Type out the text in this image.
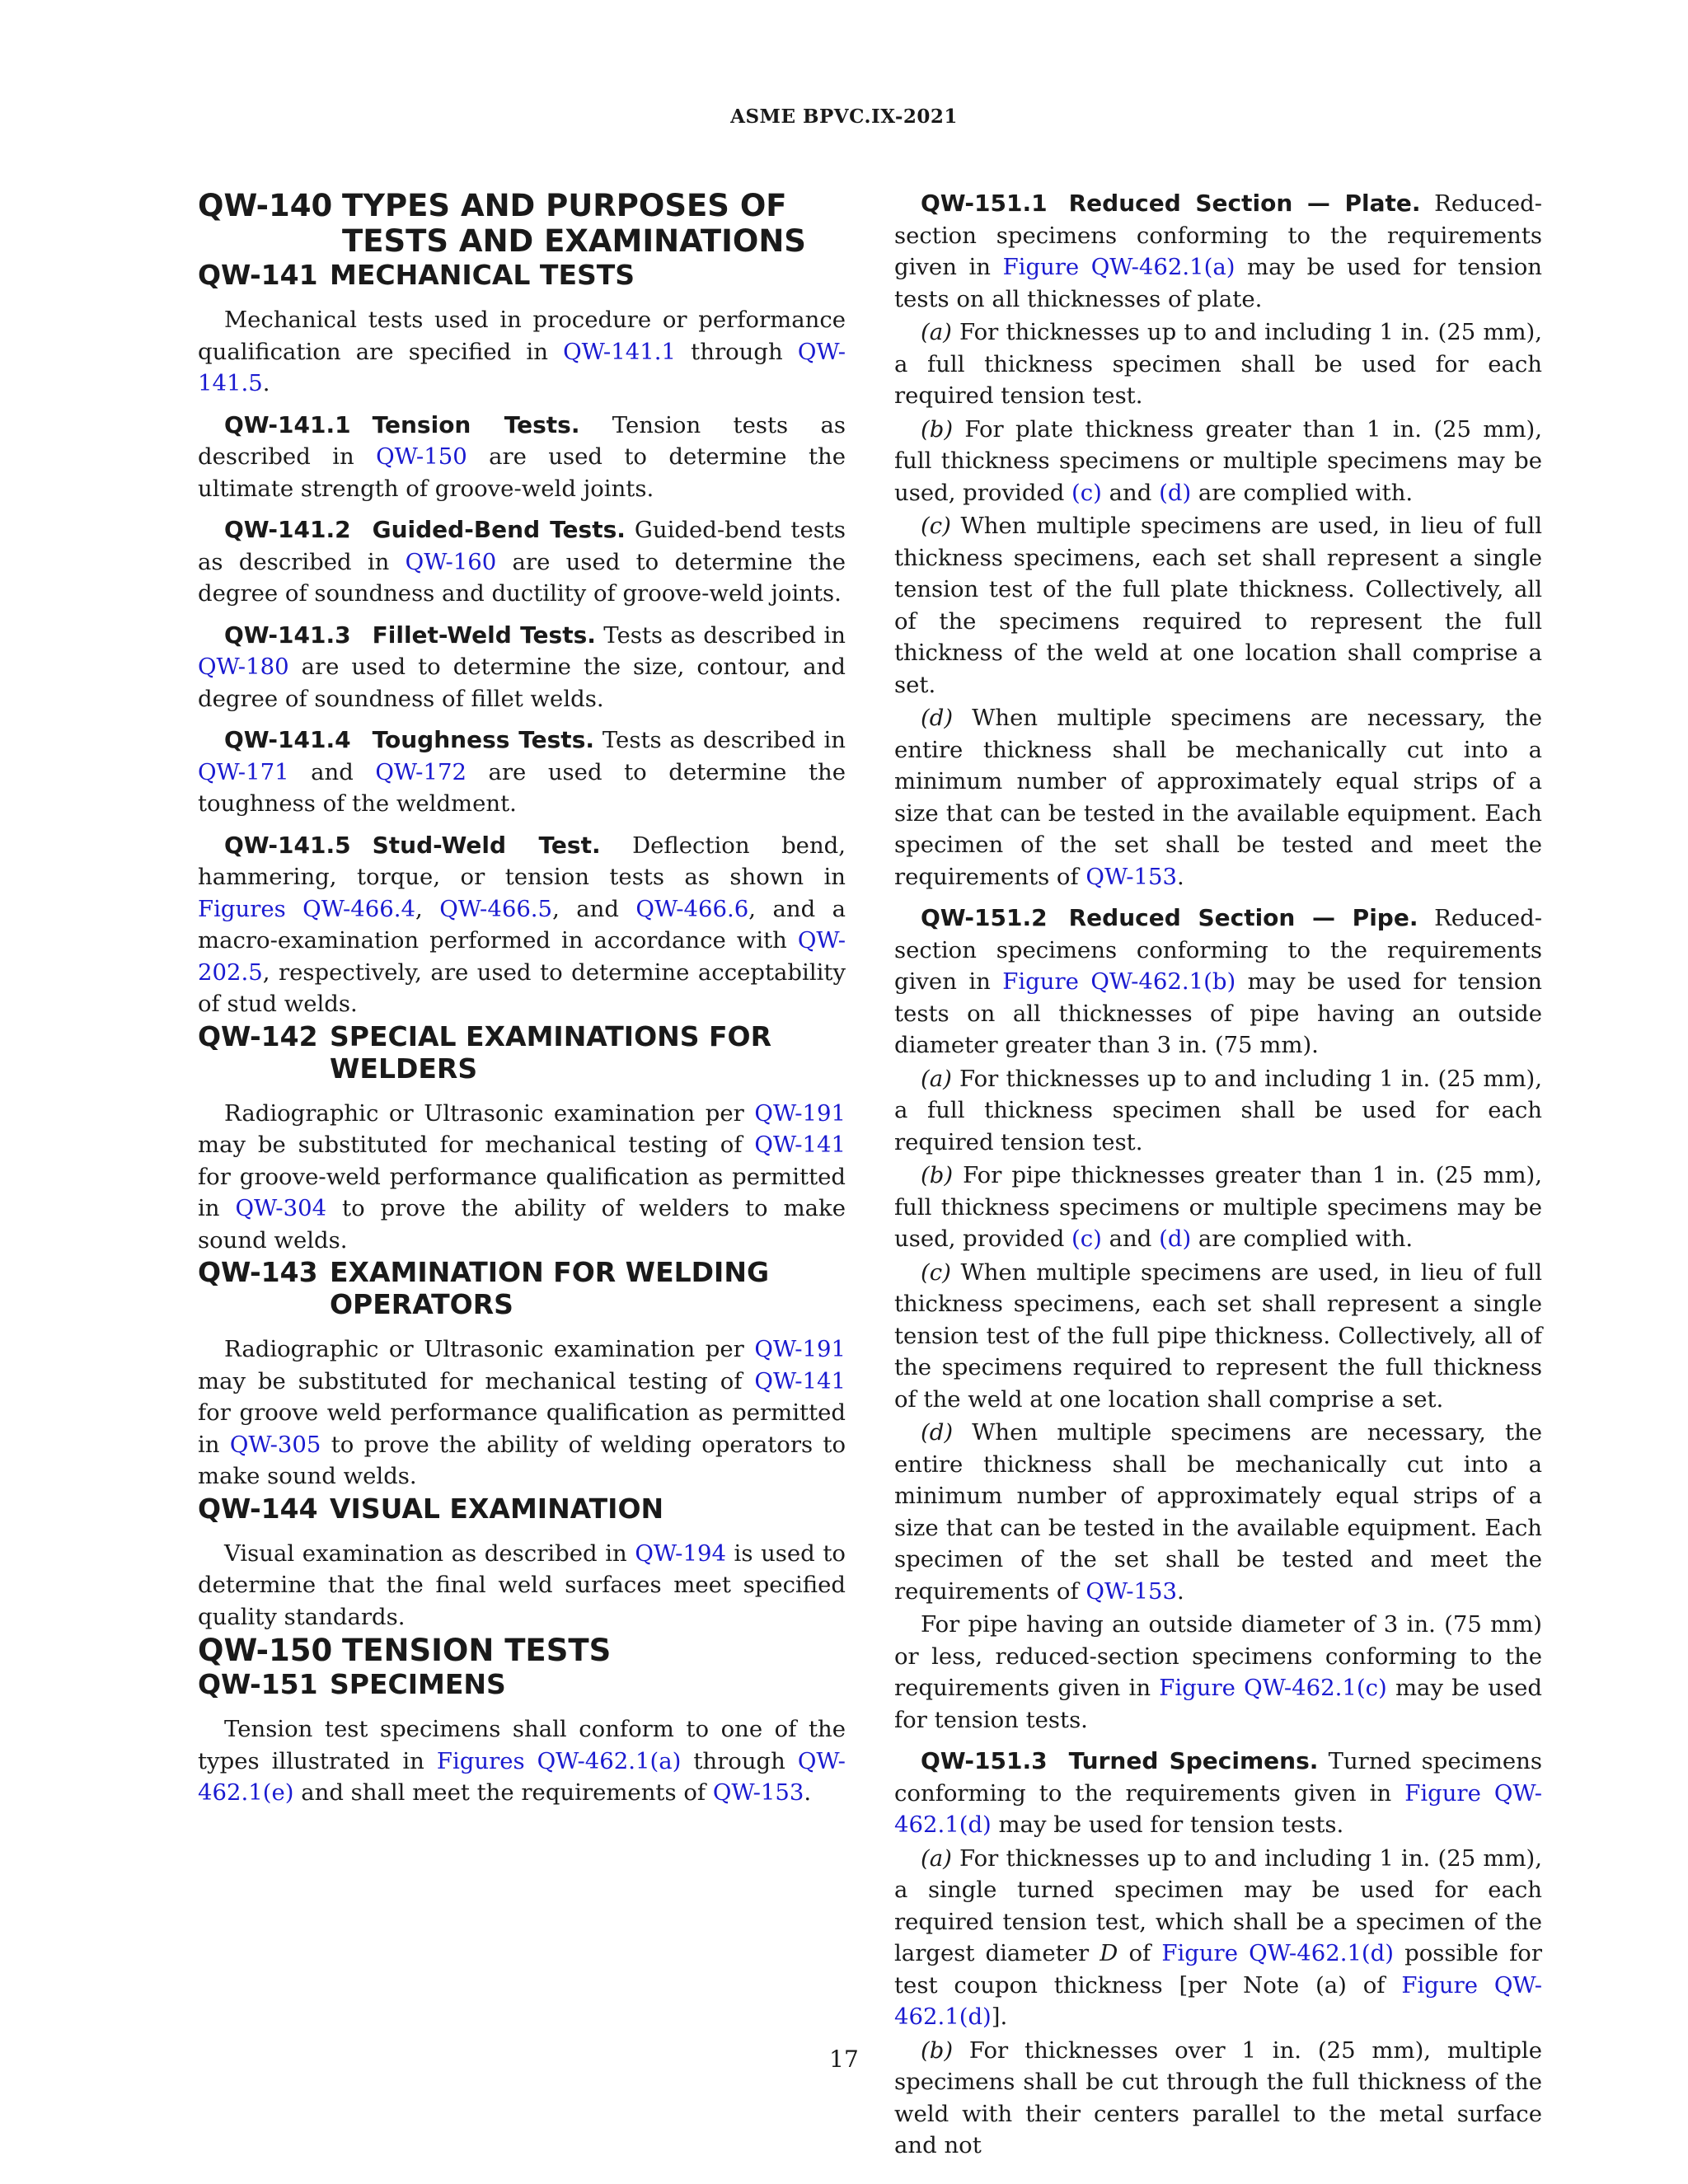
ASME BPVC.IX-2021
QW-140 TYPES AND PURPOSES OF TESTS AND EXAMINATIONS
QW-141 MECHANICAL TESTS

Mechanical tests used in procedure or performance qualification are specified in QW-141.1 through QW-141.5.

QW-141.1 Tension Tests. Tension tests as described in QW-150 are used to determine the ultimate strength of groove-weld joints.

QW-141.2 Guided-Bend Tests. Guided-bend tests as described in QW-160 are used to determine the degree of soundness and ductility of groove-weld joints.

QW-141.3 Fillet-Weld Tests. Tests as described in QW-180 are used to determine the size, contour, and degree of soundness of fillet welds.

QW-141.4 Toughness Tests. Tests as described in QW-171 and QW-172 are used to determine the toughness of the weldment.

QW-141.5 Stud-Weld Test. Deflection bend, hammering, torque, or tension tests as shown in Figures QW-466.4, QW-466.5, and QW-466.6, and a macro-examination performed in accordance with QW-202.5, respectively, are used to determine acceptability of stud welds.

QW-142 SPECIAL EXAMINATIONS FOR WELDERS

Radiographic or Ultrasonic examination per QW-191 may be substituted for mechanical testing of QW-141 for groove-weld performance qualification as permitted in QW-304 to prove the ability of welders to make sound welds.

QW-143 EXAMINATION FOR WELDING OPERATORS

Radiographic or Ultrasonic examination per QW-191 may be substituted for mechanical testing of QW-141 for groove weld performance qualification as permitted in QW-305 to prove the ability of welding operators to make sound welds.

QW-144 VISUAL EXAMINATION

Visual examination as described in QW-194 is used to determine that the final weld surfaces meet specified quality standards.

QW-150 TENSION TESTS
QW-151 SPECIMENS

Tension test specimens shall conform to one of the types illustrated in Figures QW-462.1(a) through QW-462.1(e) and shall meet the requirements of QW-153.

QW-151.1 Reduced Section — Plate. Reduced-section specimens conforming to the requirements given in Figure QW-462.1(a) may be used for tension tests on all thicknesses of plate.

(a) For thicknesses up to and including 1 in. (25 mm), a full thickness specimen shall be used for each required tension test.

(b) For plate thickness greater than 1 in. (25 mm), full thickness specimens or multiple specimens may be used, provided (c) and (d) are complied with.

(c) When multiple specimens are used, in lieu of full thickness specimens, each set shall represent a single tension test of the full plate thickness. Collectively, all of the specimens required to represent the full thickness of the weld at one location shall comprise a set.

(d) When multiple specimens are necessary, the entire thickness shall be mechanically cut into a minimum number of approximately equal strips of a size that can be tested in the available equipment. Each specimen of the set shall be tested and meet the requirements of QW-153.

QW-151.2 Reduced Section — Pipe. Reduced-section specimens conforming to the requirements given in Figure QW-462.1(b) may be used for tension tests on all thicknesses of pipe having an outside diameter greater than 3 in. (75 mm).

(a) For thicknesses up to and including 1 in. (25 mm), a full thickness specimen shall be used for each required tension test.

(b) For pipe thicknesses greater than 1 in. (25 mm), full thickness specimens or multiple specimens may be used, provided (c) and (d) are complied with.

(c) When multiple specimens are used, in lieu of full thickness specimens, each set shall represent a single tension test of the full pipe thickness. Collectively, all of the specimens required to represent the full thickness of the weld at one location shall comprise a set.

(d) When multiple specimens are necessary, the entire thickness shall be mechanically cut into a minimum number of approximately equal strips of a size that can be tested in the available equipment. Each specimen of the set shall be tested and meet the requirements of QW-153.

For pipe having an outside diameter of 3 in. (75 mm) or less, reduced-section specimens conforming to the requirements given in Figure QW-462.1(c) may be used for tension tests.

QW-151.3 Turned Specimens. Turned specimens conforming to the requirements given in Figure QW-462.1(d) may be used for tension tests.

(a) For thicknesses up to and including 1 in. (25 mm), a single turned specimen may be used for each required tension test, which shall be a specimen of the largest diameter D of Figure QW-462.1(d) possible for test coupon thickness [per Note (a) of Figure QW-462.1(d)].

(b) For thicknesses over 1 in. (25 mm), multiple specimens shall be cut through the full thickness of the weld with their centers parallel to the metal surface and not

17
